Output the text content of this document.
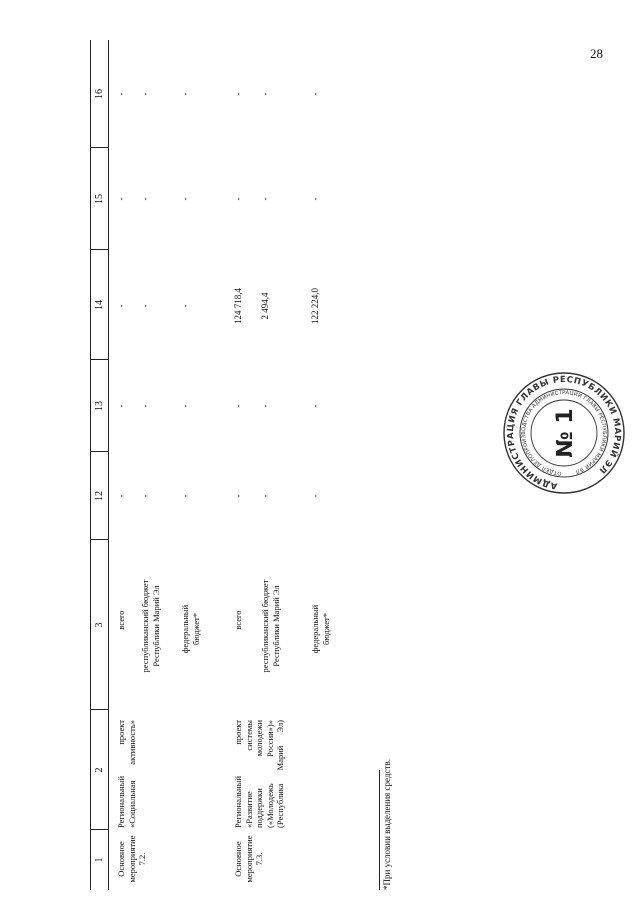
28
1
2
3
12
13
14
15
16
Основное мероприятие 7.2.
Региональный проект «Социальная активность»
всего
-
-
-
-
-
республиканский бюджет Республики Марий Эл
-
-
-
-
-
федеральный бюджет*
-
-
-
-
-
Основное мероприятие 7.3.
Региональный проект «Развитие системы поддержки молодежи («Молодежь России»)» (Республика Марий Эл)
всего
-
-
124 718,4
-
-
республиканский бюджет Республики Марий Эл
-
-
2 494,4
-
-
федеральный бюджет*
-
-
122 224,0
-
-
*При условии выделения средств.
АДМИНИСТРАЦИЯ ГЛАВЫ РЕСПУБЛИКИ МАРИЙ ЭЛ
ОТДЕЛ ДЕЛОПРОИЗВОДСТВА АДМИНИСТРАЦИИ ГЛАВЫ РЕСПУБЛИКИ МАРИЙ ЭЛ
№ 1
